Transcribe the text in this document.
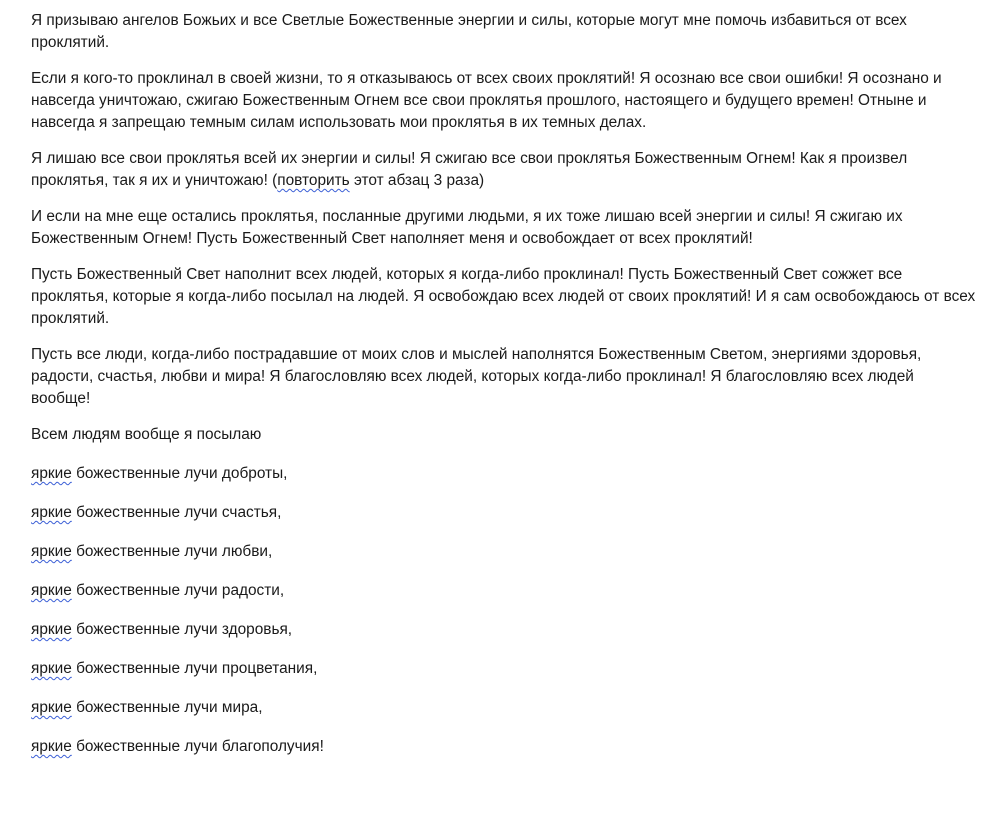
Я призываю ангелов Божьих и все Светлые Божественные энергии и силы, которые могут мне помочь избавиться от всех проклятий.

Если я кого-то проклинал в своей жизни, то я отказываюсь от всех своих проклятий! Я осознаю все свои ошибки! Я осознано и навсегда уничтожаю, сжигаю Божественным Огнем все свои проклятья прошлого, настоящего и будущего времен! Отныне и навсегда я запрещаю темным силам использовать мои проклятья в их темных делах.

Я лишаю все свои проклятья всей их энергии и силы! Я сжигаю все свои проклятья Божественным Огнем! Как я произвел проклятья, так я их и уничтожаю! (повторить этот абзац 3 раза)

И если на мне еще остались проклятья, посланные другими людьми, я их тоже лишаю всей энергии и силы! Я сжигаю их Божественным Огнем! Пусть Божественный Свет наполняет меня и освобождает от всех проклятий!

Пусть Божественный Свет наполнит всех людей, которых я когда-либо проклинал! Пусть Божественный Свет сожжет все проклятья, которые я когда-либо посылал на людей. Я освобождаю всех людей от своих проклятий! И я сам освобождаюсь от всех проклятий.

Пусть все люди, когда-либо пострадавшие от моих слов и мыслей наполнятся Божественным Светом, энергиями здоровья, радости, счастья, любви и мира! Я благословляю всех людей, которых когда-либо проклинал! Я благословляю всех людей вообще!

Всем людям вообще я посылаю

яркие божественные лучи доброты,

яркие божественные лучи счастья,

яркие божественные лучи любви,

яркие божественные лучи радости,

яркие божественные лучи здоровья,

яркие божественные лучи процветания,

яркие божественные лучи мира,

яркие божественные лучи благополучия!
